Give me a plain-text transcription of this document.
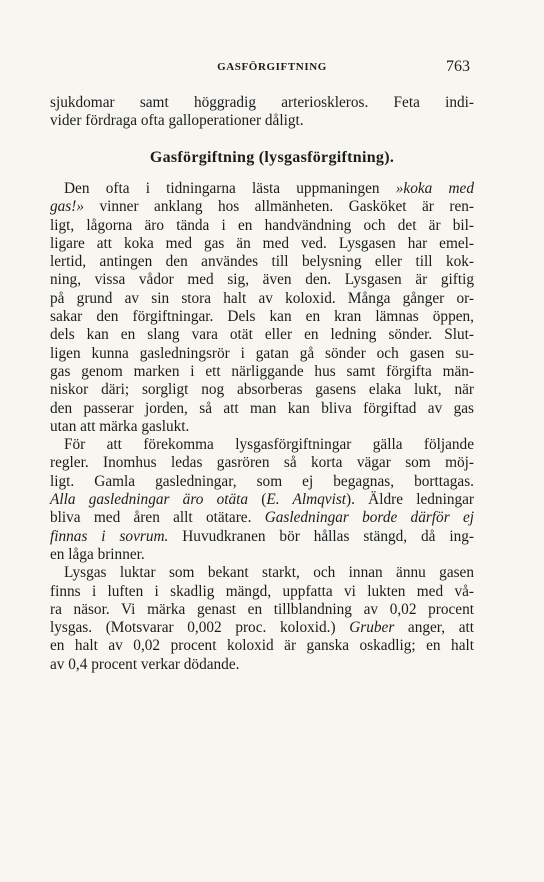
GASFÖRGIFTNING	763
sjukdomar samt höggradig arterioskleros. Feta indi-
vider fördraga ofta galloperationer dåligt.
Gasförgiftning (lysgasförgiftning).
Den ofta i tidningarna lästa uppmaningen »koka med
gas!» vinner anklang hos allmänheten. Gasköket är ren-
ligt, lågorna äro tända i en handvändning och det är bil-
ligare att koka med gas än med ved. Lysgasen har emel-
lertid, antingen den användes till belysning eller till kok-
ning, vissa vådor med sig, även den. Lysgasen är giftig
på grund av sin stora halt av koloxid. Många gånger or-
sakar den förgiftningar. Dels kan en kran lämnas öppen,
dels kan en slang vara otät eller en ledning sönder. Slut-
ligen kunna gasledningsrör i gatan gå sönder och gasen su-
gas genom marken i ett närliggande hus samt förgifta män-
niskor däri; sorgligt nog absorberas gasens elaka lukt, när
den passerar jorden, så att man kan bliva förgiftad av gas
utan att märka gaslukt.
För att förekomma lysgasförgiftningar gälla följande
regler. Inomhus ledas gasrören så korta vägar som möj-
ligt. Gamla gasledningar, som ej begagnas, borttagas.
Alla gasledningar äro otäta (E. Almqvist). Äldre ledningar
bliva med åren allt otätare. Gasledningar borde därför ej
finnas i sovrum. Huvudkranen bör hållas stängd, då ing-
en låga brinner.
Lysgas luktar som bekant starkt, och innan ännu gasen
finns i luften i skadlig mängd, uppfatta vi lukten med vå-
ra näsor. Vi märka genast en tillblandning av 0,02 procent
lysgas. (Motsvarar 0,002 proc. koloxid.) Gruber anger, att
en halt av 0,02 procent koloxid är ganska oskadlig; en halt
av 0,4 procent verkar dödande.
